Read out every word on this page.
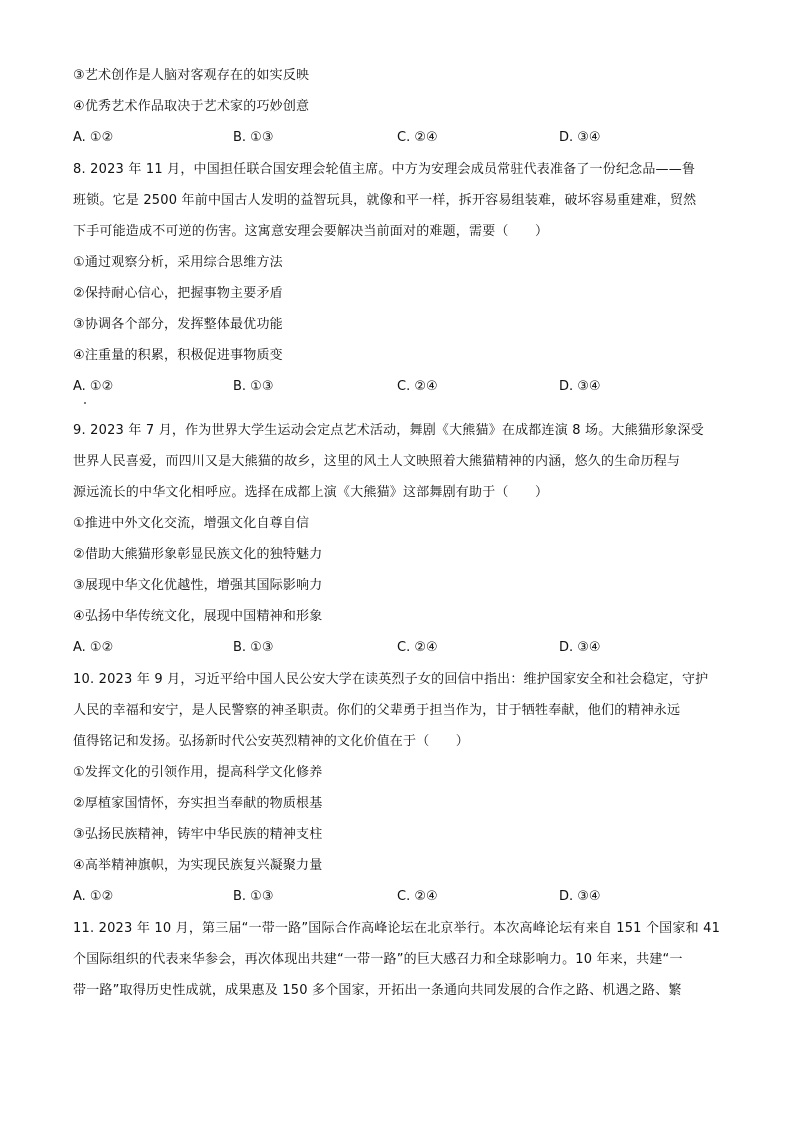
③艺术创作是人脑对客观存在的如实反映
④优秀艺术作品取决于艺术家的巧妙创意
A. ①②	B. ①③	C. ②④	D. ③④
8. 2023 年 11 月，中国担任联合国安理会轮值主席。中方为安理会成员常驻代表准备了一份纪念品——鲁
班锁。它是 2500 年前中国古人发明的益智玩具，就像和平一样，拆开容易组装难，破坏容易重建难，贸然
下手可能造成不可逆的伤害。这寓意安理会要解决当前面对的难题，需要（　　）
①通过观察分析，采用综合思维方法
②保持耐心信心，把握事物主要矛盾
③协调各个部分，发挥整体最优功能
④注重量的积累，积极促进事物质变
A. ①②	B. ①③	C. ②④	D. ③④
9. 2023 年 7 月，作为世界大学生运动会定点艺术活动，舞剧《大熊猫》在成都连演 8 场。大熊猫形象深受
世界人民喜爱，而四川又是大熊猫的故乡，这里的风土人文映照着大熊猫精神的内涵，悠久的生命历程与
源远流长的中华文化相呼应。选择在成都上演《大熊猫》这部舞剧有助于（　　）
①推进中外文化交流，增强文化自尊自信
②借助大熊猫形象彰显民族文化的独特魅力
③展现中华文化优越性，增强其国际影响力
④弘扬中华传统文化，展现中国精神和形象
A. ①②	B. ①③	C. ②④	D. ③④
10. 2023 年 9 月，习近平给中国人民公安大学在读英烈子女的回信中指出：维护国家安全和社会稳定，守护
人民的幸福和安宁，是人民警察的神圣职责。你们的父辈勇于担当作为，甘于牺牲奉献，他们的精神永远
值得铭记和发扬。弘扬新时代公安英烈精神的文化价值在于（　　）
①发挥文化的引领作用，提高科学文化修养
②厚植家国情怀，夯实担当奉献的物质根基
③弘扬民族精神，铸牢中华民族的精神支柱
④高举精神旗帜，为实现民族复兴凝聚力量
A. ①②	B. ①③	C. ②④	D. ③④
11. 2023 年 10 月，第三届“一带一路”国际合作高峰论坛在北京举行。本次高峰论坛有来自 151 个国家和 41
个国际组织的代表来华参会，再次体现出共建“一带一路”的巨大感召力和全球影响力。10 年来，共建“一
带一路”取得历史性成就，成果惠及 150 多个国家，开拓出一条通向共同发展的合作之路、机遇之路、繁
